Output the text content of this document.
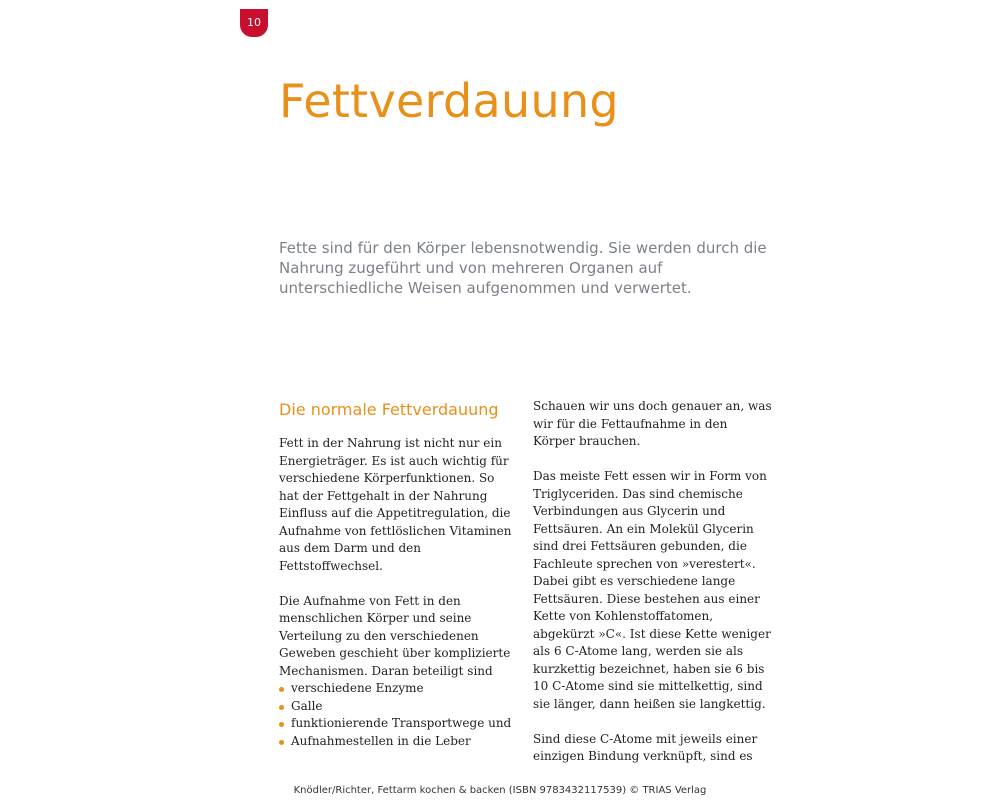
10
Fettverdauung

Fette sind für den Körper lebensnotwendig. Sie werden durch die Nahrung zugeführt und von mehreren Organen auf unterschiedliche Weisen aufgenommen und verwertet.

Die normale Fettverdauung

Fett in der Nahrung ist nicht nur ein Energieträger. Es ist auch wichtig für verschiedene Körperfunktionen. So hat der Fettgehalt in der Nahrung Einfluss auf die Appetitregulation, die Aufnahme von fettlöslichen Vitaminen aus dem Darm und den Fettstoffwechsel.

Die Aufnahme von Fett in den menschlichen Körper und seine Verteilung zu den verschiedenen Geweben geschieht über komplizierte Mechanismen. Daran beteiligt sind

verschiedene Enzyme
Galle
funktionierende Transportwege und
Aufnahmestellen in die Leber

Schauen wir uns doch genauer an, was wir für die Fettaufnahme in den Körper brauchen.

Das meiste Fett essen wir in Form von Triglyceriden. Das sind chemische Verbindungen aus Glycerin und Fettsäuren. An ein Molekül Glycerin sind drei Fettsäuren gebunden, die Fachleute sprechen von »verestert«. Dabei gibt es verschiedene lange Fettsäuren. Diese bestehen aus einer Kette von Kohlenstoffatomen, abgekürzt »C«. Ist diese Kette weniger als 6 C-Atome lang, werden sie als kurzkettig bezeichnet, haben sie 6 bis 10 C-Atome sind sie mittelkettig, sind sie länger, dann heißen sie langkettig.

Sind diese C-Atome mit jeweils einer einzigen Bindung verknüpft, sind es

Knödler/Richter, Fettarm kochen & backen (ISBN 9783432117539) © TRIAS Verlag
